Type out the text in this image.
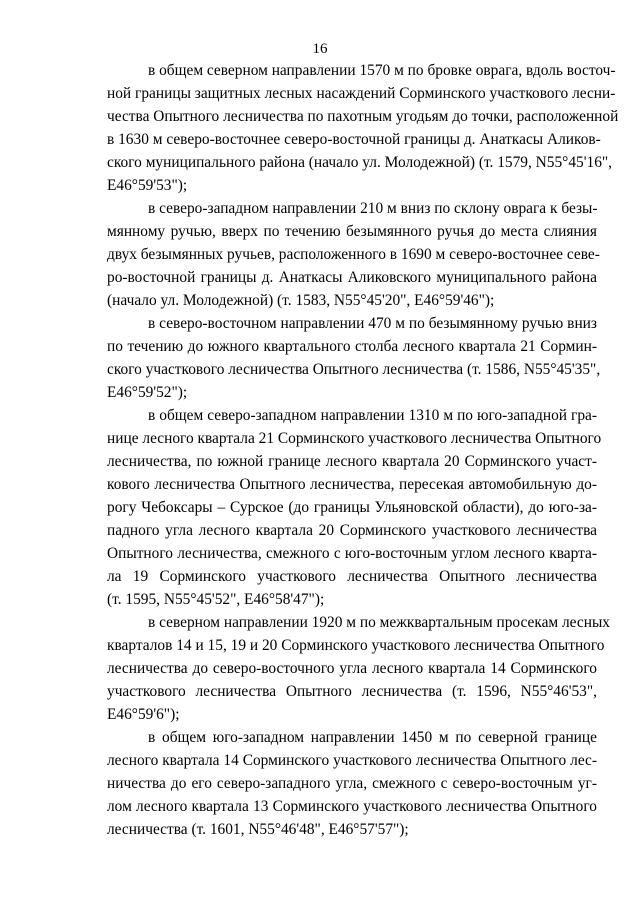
16
в общем северном направлении 1570 м по бровке оврага, вдоль восточ-
ной границы защитных лесных насаждений Сорминского участкового лесни-
чества Опытного лесничества по пахотным угодьям до точки, расположенной
в 1630 м северо-восточнее северо-восточной границы д. Анаткасы Аликов-
ского муниципального района (начало ул. Молодежной) (т. 1579, N55°45'16",
E46°59'53");
в северо-западном направлении 210 м вниз по склону оврага к безы-
мянному ручью, вверх по течению безымянного ручья до места слияния
двух безымянных ручьев, расположенного в 1690 м северо-восточнее севе-
ро-восточной границы д. Анаткасы Аликовского муниципального района
(начало ул. Молодежной) (т. 1583, N55°45'20", E46°59'46");
в северо-восточном направлении 470 м по безымянному ручью вниз
по течению до южного квартального столба лесного квартала 21 Сормин-
ского участкового лесничества Опытного лесничества (т. 1586, N55°45'35",
E46°59'52");
в общем северо-западном направлении 1310 м по юго-западной гра-
нице лесного квартала 21 Сорминского участкового лесничества Опытного
лесничества, по южной границе лесного квартала 20 Сорминского участ-
кового лесничества Опытного лесничества, пересекая автомобильную до-
рогу Чебоксары – Сурское (до границы Ульяновской области), до юго-за-
падного угла лесного квартала 20 Сорминского участкового лесничества
Опытного лесничества, смежного с юго-восточным углом лесного кварта-
ла 19 Сорминского участкового лесничества Опытного лесничества
(т. 1595, N55°45'52", E46°58'47");
в северном направлении 1920 м по межквартальным просекам лесных
кварталов 14 и 15, 19 и 20 Сорминского участкового лесничества Опытного
лесничества до северо-восточного угла лесного квартала 14 Сорминского
участкового лесничества Опытного лесничества (т. 1596, N55°46'53",
E46°59'6");
в общем юго-западном направлении 1450 м по северной границе
лесного квартала 14 Сорминского участкового лесничества Опытного лес-
ничества до его северо-западного угла, смежного с северо-восточным уг-
лом лесного квартала 13 Сорминского участкового лесничества Опытного
лесничества (т. 1601, N55°46'48", E46°57'57");
